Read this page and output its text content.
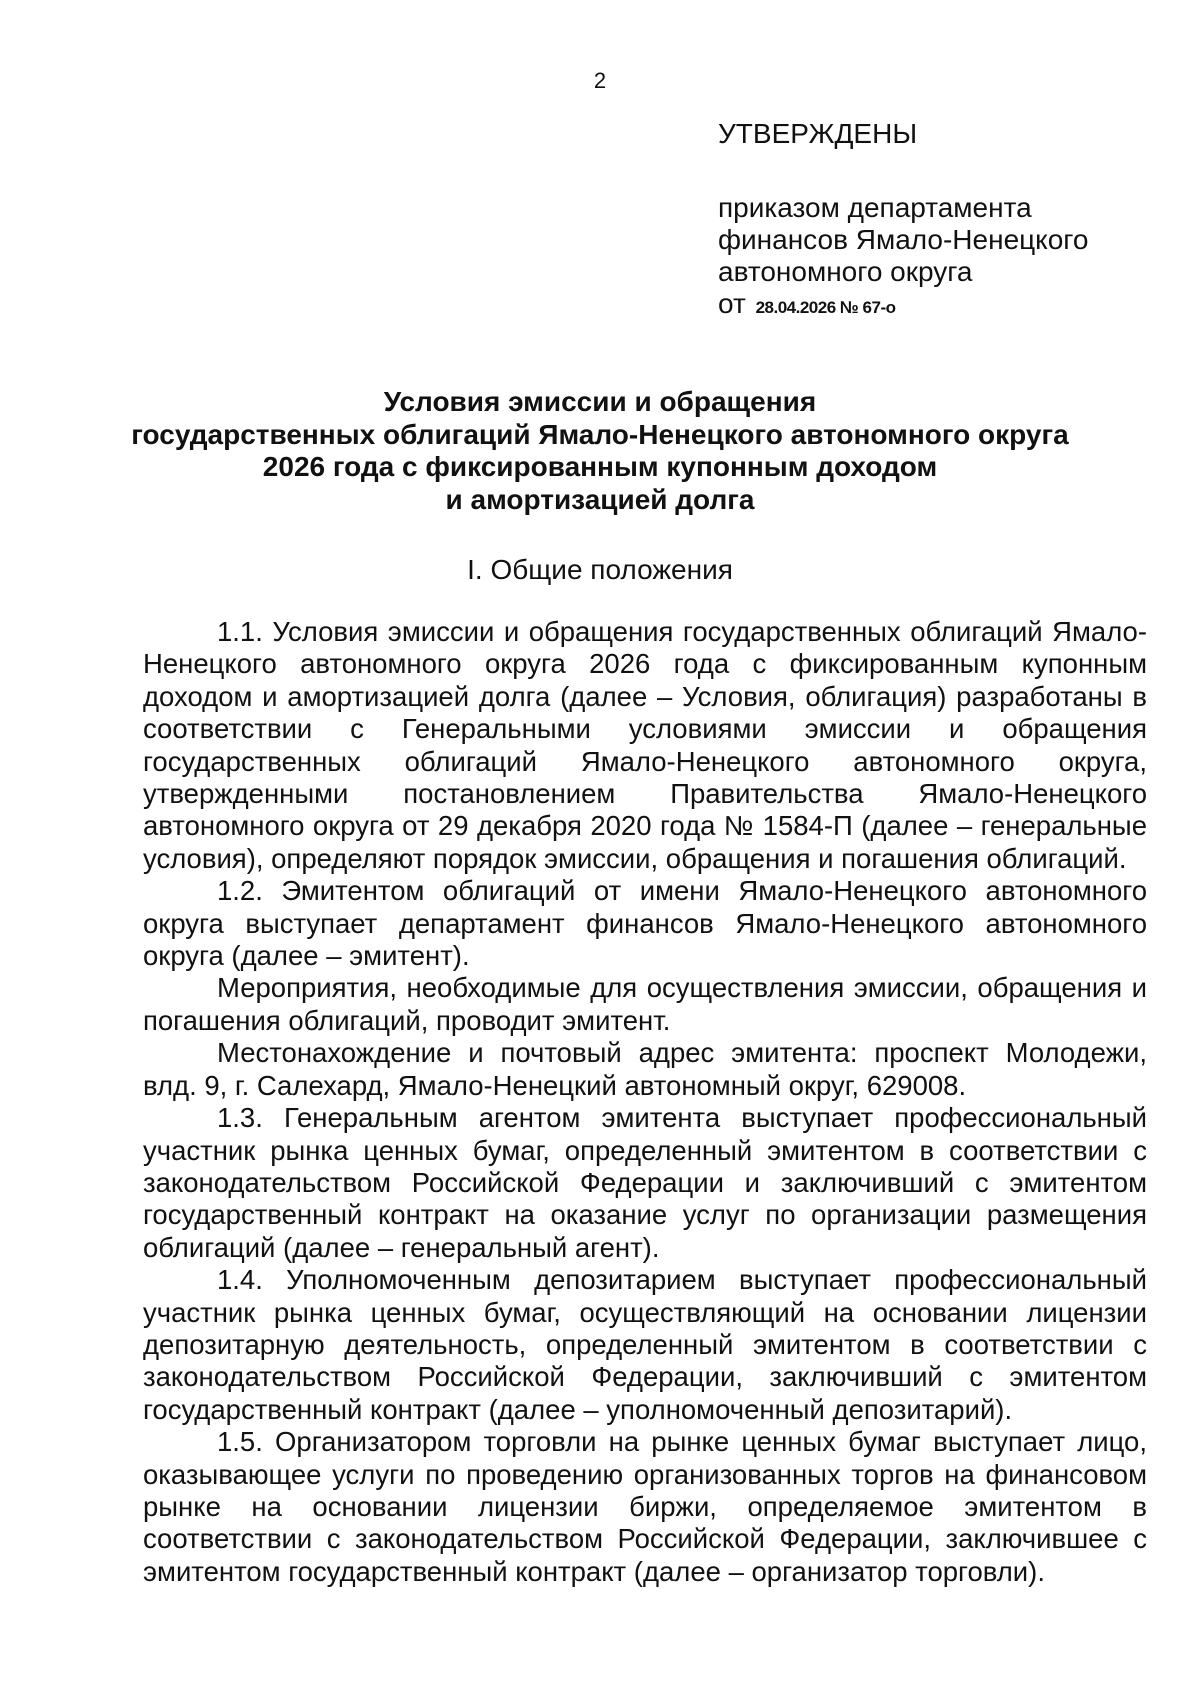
2
УТВЕРЖДЕНЫ
приказом департамента
финансов Ямало-Ненецкого
автономного округа
от 28.04.2026 № 67-о
Условия эмиссии и обращения
государственных облигаций Ямало-Ненецкого автономного округа
2026 года с фиксированным купонным доходом
и амортизацией долга
I. Общие положения

1.1. Условия эмиссии и обращения государственных облигаций Ямало-Ненецкого автономного округа 2026 года с фиксированным купонным доходом и амортизацией долга (далее – Условия, облигация) разработаны в соответствии с Генеральными условиями эмиссии и обращения государственных облигаций Ямало-Ненецкого автономного округа, утвержденными постановлением Правительства Ямало-Ненецкого автономного округа от 29 декабря 2020 года № 1584-П (далее – генеральные условия), определяют порядок эмиссии, обращения и погашения облигаций.

1.2. Эмитентом облигаций от имени Ямало-Ненецкого автономного округа выступает департамент финансов Ямало-Ненецкого автономного округа (далее – эмитент).

Мероприятия, необходимые для осуществления эмиссии, обращения и погашения облигаций, проводит эмитент.

Местонахождение и почтовый адрес эмитента: проспект Молодежи, влд. 9, г. Салехард, Ямало-Ненецкий автономный округ, 629008.

1.3. Генеральным агентом эмитента выступает профессиональный участник рынка ценных бумаг, определенный эмитентом в соответствии с законодательством Российской Федерации и заключивший с эмитентом государственный контракт на оказание услуг по организации размещения облигаций (далее – генеральный агент).

1.4. Уполномоченным депозитарием выступает профессиональный участник рынка ценных бумаг, осуществляющий на основании лицензии депозитарную деятельность, определенный эмитентом в соответствии с законодательством Российской Федерации, заключивший с эмитентом государственный контракт (далее – уполномоченный депозитарий).

1.5. Организатором торговли на рынке ценных бумаг выступает лицо, оказывающее услуги по проведению организованных торгов на финансовом рынке на основании лицензии биржи, определяемое эмитентом в соответствии с законодательством Российской Федерации, заключившее с эмитентом государственный контракт (далее – организатор торговли).
